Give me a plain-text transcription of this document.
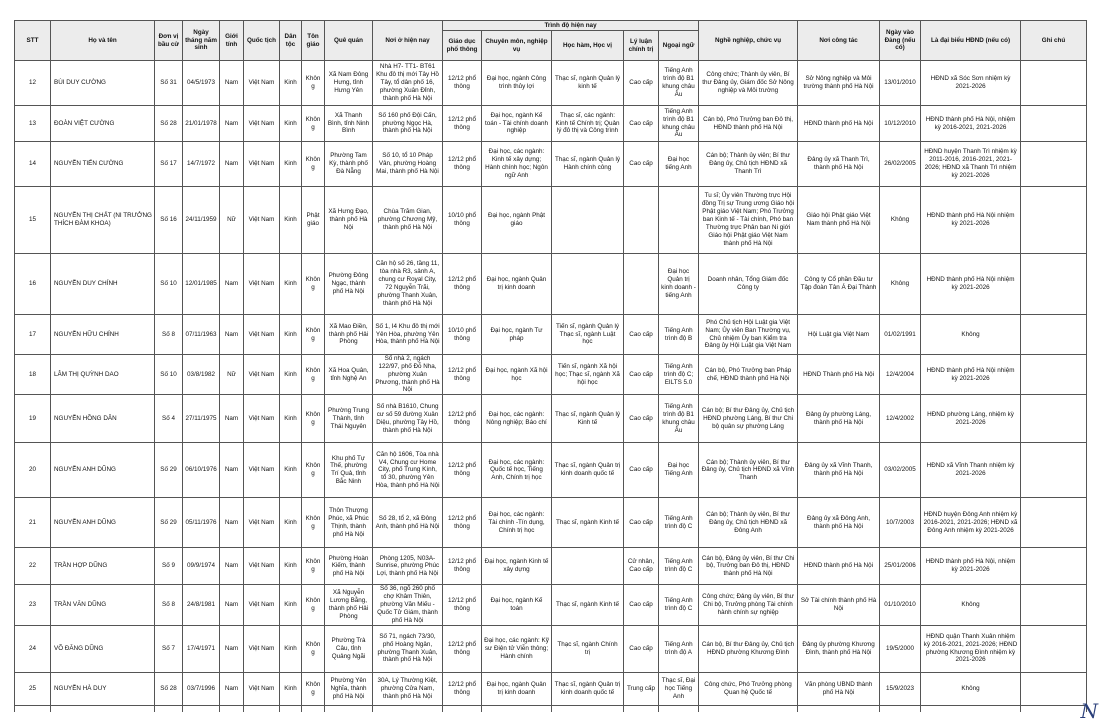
STT	Họ và tên	Đơn vị bầu cử	Ngày tháng năm sinh	Giới tính	Quốc tịch	Dân tộc	Tôn giáo	Quê quán	Nơi ở hiện nay	Trình độ hiện nay					Nghề nghiệp, chức vụ	Nơi công tác	Ngày vào Đảng (nếu có)	Là đại biểu HĐND (nếu có)	Ghi chú
										Giáo dục phổ thông	Chuyên môn, nghiệp vụ	Học hàm, Học vị	Lý luận chính trị	Ngoại ngữ					
12	BÙI DUY CƯỜNG	Số 31	04/5/1973	Nam	Việt Nam	Kinh	Không	Xã Nam Đông Hưng, tỉnh Hưng Yên	Nhà H7- TT1- BT61 Khu đô thị mới Tây Hồ Tây, tổ dân phố 16, phường Xuân Đỉnh, thành phố Hà Nội	12/12 phổ thông	Đại học, ngành Công trình thủy lợi	Thạc sĩ, ngành Quản lý kinh tế	Cao cấp	Tiếng Anh trình độ B1 khung châu Âu	Công chức; Thành ủy viên, Bí thư Đảng ủy, Giám đốc Sở Nông nghiệp và Môi trường	Sở Nông nghiệp và Môi trường thành phố Hà Nội	13/01/2010	HĐND xã Sóc Sơn nhiệm kỳ 2021-2026	
13	ĐOÀN VIỆT CƯỜNG	Số 28	21/01/1978	Nam	Việt Nam	Kinh	Không	Xã Thanh Bình, tỉnh Ninh Bình	Số 160 phố Đội Cấn, phường Ngọc Hà, thành phố Hà Nội	12/12 phổ thông	Đại học, ngành Kế toán - Tài chính doanh nghiệp	Thạc sĩ, các ngành: Kinh tế Chính trị; Quản lý đô thị và Công trình	Cao cấp	Tiếng Anh trình độ B1 khung châu Âu	Cán bộ, Phó Trưởng ban Đô thị, HĐND thành phố Hà Nội	HĐND thành phố Hà Nội	10/12/2010	HĐND thành phố Hà Nội, nhiệm kỳ 2016-2021, 2021-2026	
14	NGUYỄN TIẾN CƯỜNG	Số 17	14/7/1972	Nam	Việt Nam	Kinh	Không	Phường Tam Kỳ, thành phố Đà Nẵng	Số 10, tổ 10 Pháp Vân, phường Hoàng Mai, thành phố Hà Nội	12/12 phổ thông	Đại học, các ngành: Kinh tế xây dựng; Hành chính học; Ngôn ngữ Anh	Thạc sĩ, ngành Quản lý Hành chính công	Cao cấp	Đại học tiếng Anh	Cán bộ; Thành ủy viên; Bí thư Đảng ủy, Chủ tịch HĐND xã Thanh Trì	Đảng ủy xã Thanh Trì, thành phố Hà Nội	26/02/2005	HĐND huyện Thanh Trì nhiệm kỳ 2011-2016, 2016-2021, 2021-2026; HĐND xã Thanh Trì nhiệm kỳ 2021-2026	
15	NGUYỄN THỊ CHẤT (NI TRƯỞNG THÍCH ĐÀM KHOA)	Số 16	24/11/1959	Nữ	Việt Nam	Kinh	Phật giáo	Xã Hưng Đạo, thành phố Hà Nội	Chùa Trăm Gian, phường Chương Mỹ, thành phố Hà Nội	10/10 phổ thông	Đại học, ngành Phật giáo				Tu sĩ; Ủy viên Thường trực Hội đồng Trị sự Trung ương Giáo hội Phật giáo Việt Nam; Phó Trưởng ban Kinh tế - Tài chính, Phó ban Thường trực Phân ban Ni giới Giáo hội Phật giáo Việt Nam thành phố Hà Nội	Giáo hội Phật giáo Việt Nam thành phố Hà Nội	Không	HĐND thành phố Hà Nội nhiệm kỳ 2021-2026	
16	NGUYỄN DUY CHÍNH	Số 10	12/01/1985	Nam	Việt Nam	Kinh	Không	Phường Đông Ngạc, thành phố Hà Nội	Căn hộ số 26, tầng 11, tòa nhà R3, sảnh A, chung cư Royal City, 72 Nguyễn Trãi, phường Thanh Xuân, thành phố Hà Nội	12/12 phổ thông	Đại học, ngành Quản trị kinh doanh			Đại học Quản trị kinh doanh - tiếng Anh	Doanh nhân, Tổng Giám đốc Công ty	Công ty Cổ phần Đầu tư Tập đoàn Tân Á Đại Thành	Không	HĐND thành phố Hà Nội nhiệm kỳ 2021-2026	
17	NGUYỄN HỮU CHÍNH	Số 8	07/11/1963	Nam	Việt Nam	Kinh	Không	Xã Mao Điền, thành phố Hải Phòng	Số 1, I4 Khu đô thị mới Yên Hòa, phường Yên Hòa, thành phố Hà Nội	10/10 phổ thông	Đại học, ngành Tư pháp	Tiến sĩ, ngành Quản lý Thạc sĩ, ngành Luật học	Cao cấp	Tiếng Anh trình độ B	Phó Chủ tịch Hội Luật gia Việt Nam; Ủy viên Ban Thường vụ, Chủ nhiệm Ủy ban Kiểm tra Đảng ủy Hội Luật gia Việt Nam	Hội Luật gia Việt Nam	01/02/1991	Không	
18	LÂM THỊ QUỲNH DAO	Số 10	03/8/1982	Nữ	Việt Nam	Kinh	Không	Xã Hoa Quân, tỉnh Nghệ An	Số nhà 2, ngách 122/97, phố Đỗ Nha, phường Xuân Phương, thành phố Hà Nội	12/12 phổ thông	Đại học, ngành Xã hội học	Tiến sĩ, ngành Xã hội học; Thạc sĩ, ngành Xã hội học	Cao cấp	Tiếng Anh trình độ C; EILTS 5.0	Cán bộ, Phó Trưởng ban Pháp chế, HĐND thành phố Hà Nội	HĐND Thành phố Hà Nội	12/4/2004	HĐND thành phố Hà Nội nhiệm kỳ 2021-2026	
19	NGUYỄN HỒNG DÂN	Số 4	27/11/1975	Nam	Việt Nam	Kinh	Không	Phường Trung Thành, tỉnh Thái Nguyên	Số nhà B1610, Chung cư số 59 đường Xuân Diệu, phường Tây Hồ, thành phố Hà Nội	12/12 phổ thông	Đại học, các ngành: Nông nghiệp; Báo chí	Thạc sĩ, ngành Quản lý Kinh tế	Cao cấp	Tiếng Anh trình độ B1 khung châu Âu	Cán bộ; Bí thư Đảng ủy, Chủ tịch HĐND phường Láng, Bí thư Chi bộ quân sự phường Láng	Đảng ủy phường Láng, thành phố Hà Nội	12/4/2002	HĐND phường Láng, nhiệm kỳ 2021-2026	
20	NGUYỄN ANH DŨNG	Số 29	06/10/1976	Nam	Việt Nam	Kinh	Không	Khu phố Tự Thế, phường Trí Quả, tỉnh Bắc Ninh	Căn hộ 1606, Tòa nhà V4, Chung cư Home City, phố Trung Kính, tổ 30, phường Yên Hòa, thành phố Hà Nội	12/12 phổ thông	Đại học, các ngành: Quốc tế học, Tiếng Anh, Chính trị học	Thạc sĩ, ngành Quản trị kinh doanh quốc tế	Cao cấp	Đại học Tiếng Anh	Cán bộ; Thành ủy viên, Bí thư Đảng ủy, Chủ tịch HĐND xã Vĩnh Thanh	Đảng ủy xã Vĩnh Thanh, thành phố Hà Nội	03/02/2005	HĐND xã Vĩnh Thanh nhiệm kỳ 2021-2026	
21	NGUYỄN ANH DŨNG	Số 29	05/11/1976	Nam	Việt Nam	Kinh	Không	Thôn Thượng Phúc, xã Phúc Thịnh, thành phố Hà Nội	Số 28, tổ 2, xã Đông Anh, thành phố Hà Nội	12/12 phổ thông	Đại học, các ngành: Tài chính -Tín dụng, Chính trị học	Thạc sĩ, ngành Kinh tế	Cao cấp	Tiếng Anh trình độ C	Cán bộ; Thành ủy viên, Bí thư Đảng ủy, Chủ tịch HĐND xã Đông Anh	Đảng ủy xã Đông Anh, thành phố Hà Nội	10/7/2003	HĐND huyện Đông Anh nhiệm kỳ 2016-2021, 2021-2026; HĐND xã Đông Anh nhiệm kỳ 2021-2026	
22	TRẦN HỢP DŨNG	Số 9	09/9/1974	Nam	Việt Nam	Kinh	Không	Phường Hoàn Kiếm, thành phố Hà Nội	Phòng 1205, N03A-Sunrise, phường Phúc Lợi, thành phố Hà Nội	12/12 phổ thông	Đại học, ngành Kinh tế xây dựng		Cử nhân, Cao cấp	Tiếng Anh trình độ C	Cán bộ, Đảng ủy viên, Bí thư Chi bộ, Trưởng ban Đô thị, HĐND thành phố Hà Nội	HĐND thành phố Hà Nội	25/01/2006	HĐND thành phố Hà Nội, nhiệm kỳ 2021-2026	
23	TRẦN VĂN DŨNG	Số 8	24/8/1981	Nam	Việt Nam	Kinh	Không	Xã Nguyễn Lương Bằng, thành phố Hải Phòng	Số 36, ngõ 260 phố chợ Khâm Thiên, phường Văn Miếu - Quốc Tử Giám, thành phố Hà Nội	12/12 phổ thông	Đại học, ngành Kế toán	Thạc sĩ, ngành Kinh tế	Cao cấp	Tiếng Anh trình độ C	Công chức; Đảng ủy viên, Bí thư Chi bộ, Trưởng phòng Tài chính hành chính sự nghiệp	Sở Tài chính thành phố Hà Nội	01/10/2010	Không	
24	VÕ ĐĂNG DŨNG	Số 7	17/4/1971	Nam	Việt Nam	Kinh	Không	Phường Trà Câu, tỉnh Quảng Ngãi	Số 71, ngách 73/30, phố Hoàng Ngân, phường Thanh Xuân, thành phố Hà Nội	12/12 phổ thông	Đại học, các ngành: Kỹ sư Điện tử Viễn thông; Hành chính	Thạc sĩ, ngành Chính trị	Cao cấp	Tiếng Anh trình độ A	Cán bộ, Bí thư Đảng ủy, Chủ tịch HĐND phường Khương Đình	Đảng ủy phường Khương Đình, thành phố Hà Nội	19/5/2000	HĐND quận Thanh Xuân nhiệm kỳ 2016-2021, 2021-2026; HĐND phường Khương Đình nhiệm kỳ 2021-2026	
25	NGUYỄN HÀ DUY	Số 28	03/7/1996	Nam	Việt Nam	Kinh	Không	Phường Yên Nghĩa, thành phố Hà Nội	30A, Lý Thường Kiệt, phường Cửa Nam, thành phố Hà Nội	12/12 phổ thông	Đại học, ngành Quản trị kinh doanh	Thạc sĩ, ngành Quản trị kinh doanh quốc tế	Trung cấp	Thạc sĩ, Đại học Tiếng Anh	Công chức, Phó Trưởng phòng Quan hệ Quốc tế	Văn phòng UBND thành phố Hà Nội	15/9/2023	Không	

N
